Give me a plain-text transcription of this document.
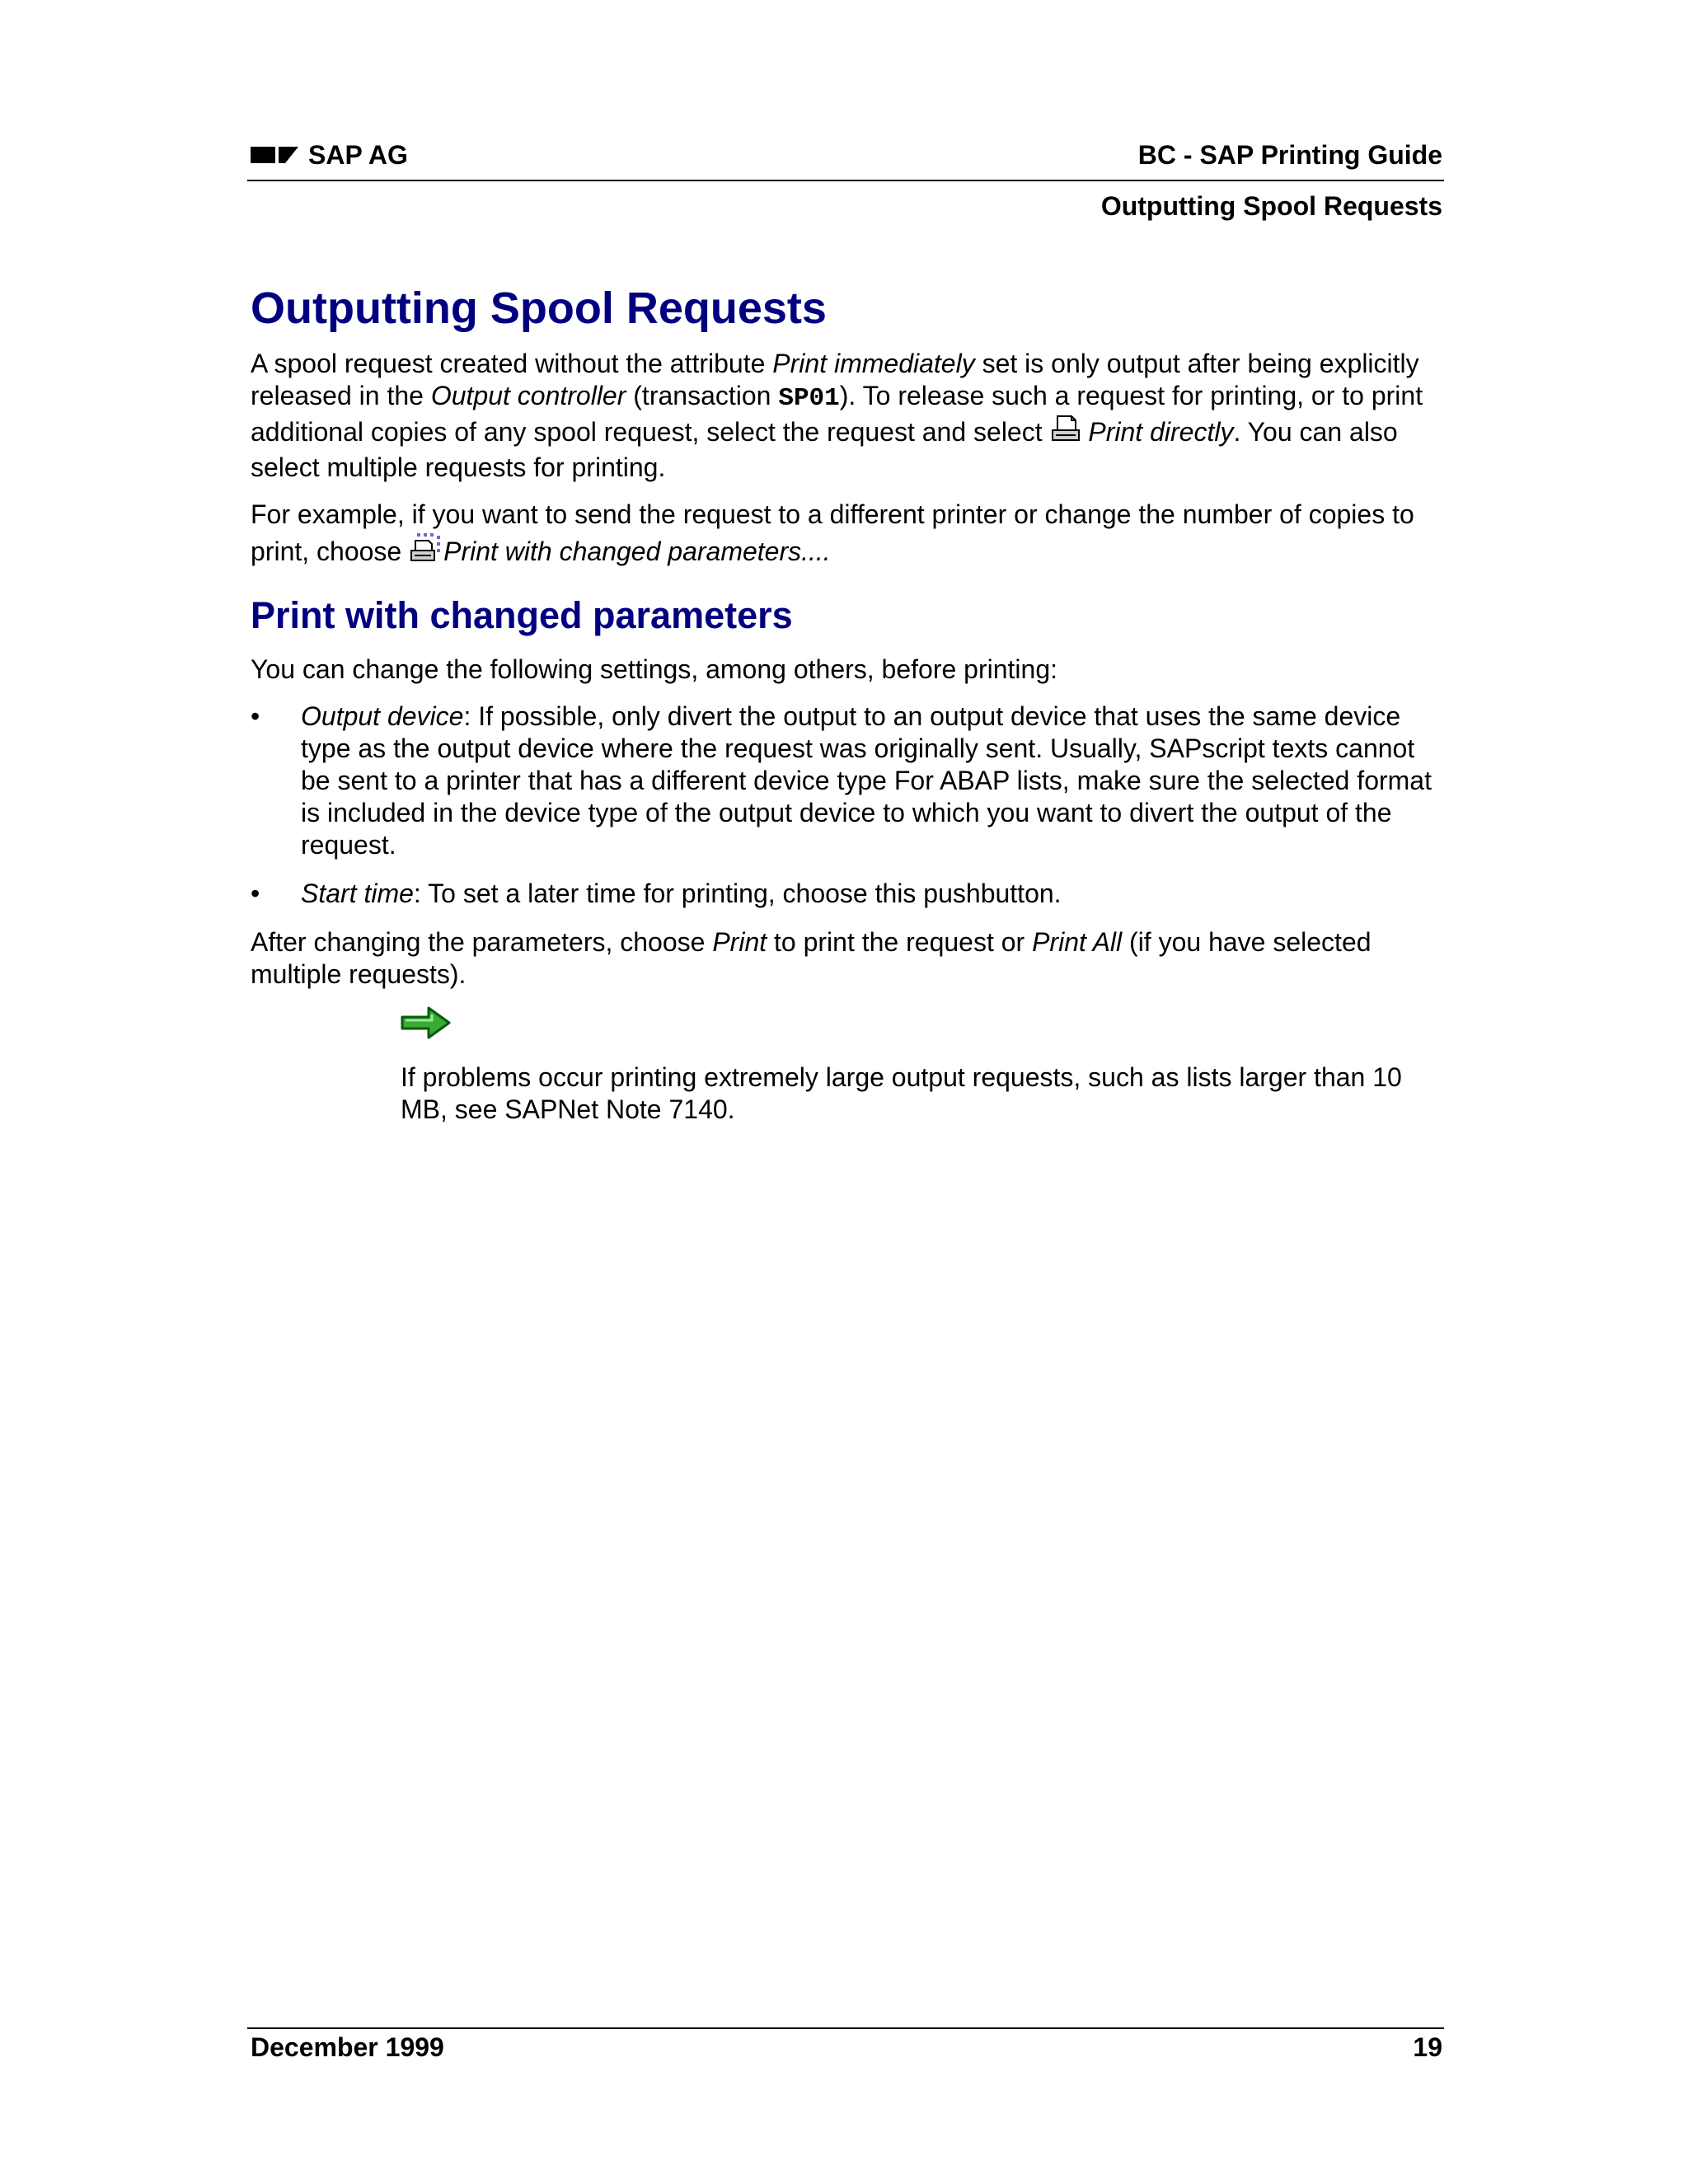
SAP AG	BC - SAP Printing Guide
Outputting Spool Requests
Outputting Spool Requests

A spool request created without the attribute Print immediately set is only output after being explicitly released in the Output controller (transaction SP01). To release such a request for printing, or to print additional copies of any spool request, select the request and select  Print directly. You can also select multiple requests for printing.

For example, if you want to send the request to a different printer or change the number of copies to print, choose Print with changed parameters....

Print with changed parameters

You can change the following settings, among others, before printing:

• Output device: If possible, only divert the output to an output device that uses the same device type as the output device where the request was originally sent. Usually, SAPscript texts cannot be sent to a printer that has a different device type For ABAP lists, make sure the selected format is included in the device type of the output device to which you want to divert the output of the request.
• Start time: To set a later time for printing, choose this pushbutton.

After changing the parameters, choose Print to print the request or Print All (if you have selected multiple requests).

If problems occur printing extremely large output requests, such as lists larger than 10 MB, see SAPNet Note 7140.

December 1999	19
